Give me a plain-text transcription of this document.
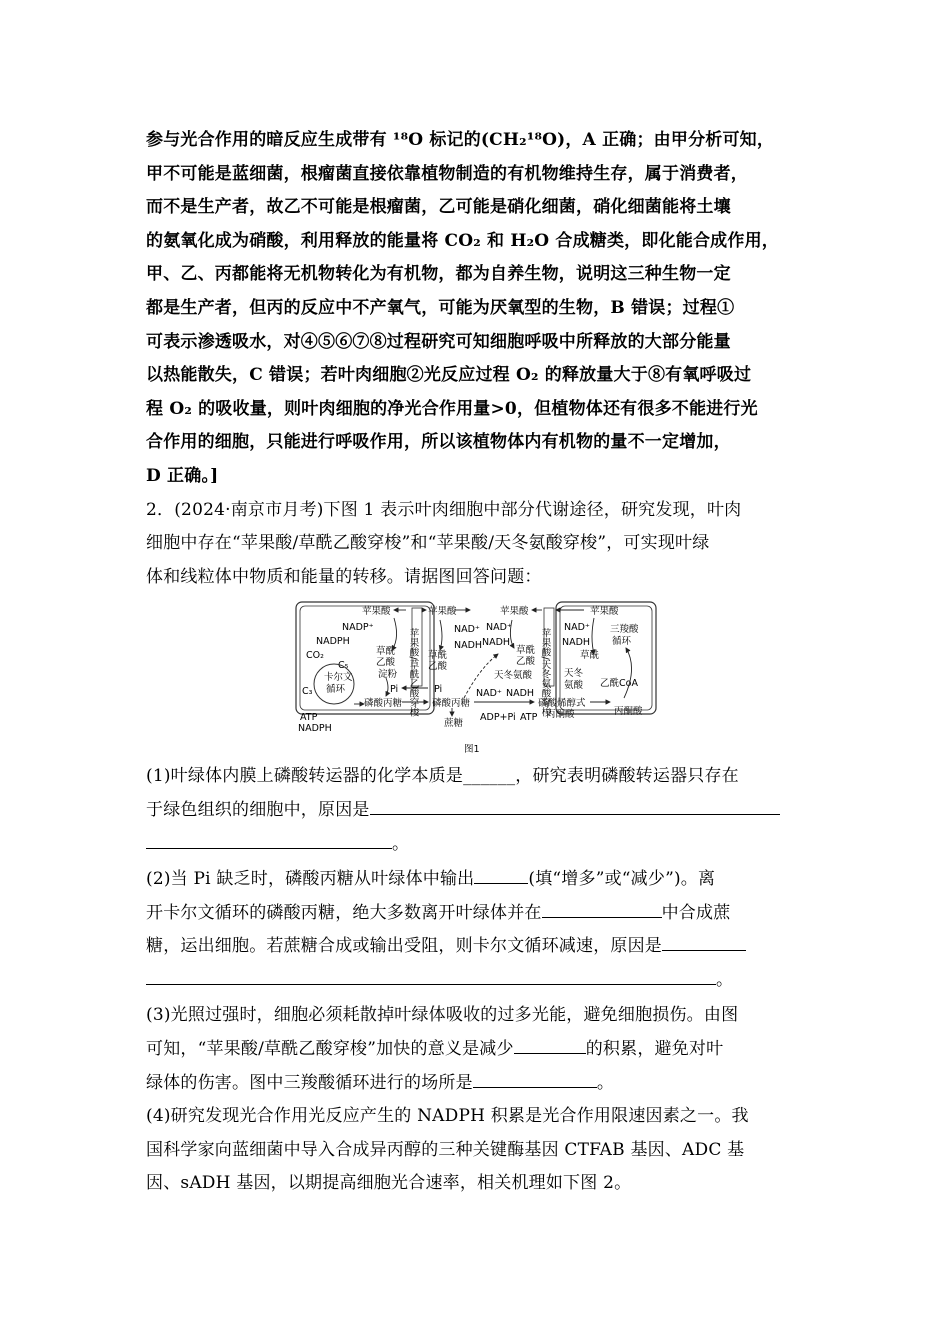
参与光合作用的暗反应生成带有 ¹⁸O 标记的(CH₂¹⁸O)，A 正确；由甲分析可知，

甲不可能是蓝细菌，根瘤菌直接依靠植物制造的有机物维持生存，属于消费者，

而不是生产者，故乙不可能是根瘤菌，乙可能是硝化细菌，硝化细菌能将土壤

的氨氧化成为硝酸，利用释放的能量将 CO₂ 和 H₂O 合成糖类，即化能合成作用，

甲、乙、丙都能将无机物转化为有机物，都为自养生物，说明这三种生物一定

都是生产者，但丙的反应中不产氧气，可能为厌氧型的生物，B 错误；过程①

可表示渗透吸水，对④⑤⑥⑦⑧过程研究可知细胞呼吸中所释放的大部分能量

以热能散失，C 错误；若叶肉细胞②光反应过程 O₂ 的释放量大于⑧有氧呼吸过

程 O₂ 的吸收量，则叶肉细胞的净光合作用量>0，但植物体还有很多不能进行光

合作用的细胞，只能进行呼吸作用，所以该植物体内有机物的量不一定增加，

D 正确。]

2．(2024·南京市月考)下图 1 表示叶肉细胞中部分代谢途径，研究发现，叶肉

细胞中存在“苹果酸/草酰乙酸穿梭”和“苹果酸/天冬氨酸穿梭”，可实现叶绿

体和线粒体中物质和能量的转移。请据图回答问题：

苹果酸/草酰乙酸穿梭	苹果酸/天冬氨酸穿梭
苹果酸
NADP⁺
NADPH
CO₂
C₅
卡尔文
循环
C₃
ATP
NADPH
草酰
乙酸
淀粉
Pi
磷酸丙糖
苹果酸
NAD⁺
NADH
草酰
乙酸
Pi
磷酸丙糖
蔗糖
NAD⁺ NADH
ADP+Pi ATP
磷酸烯醇式
丙酮酸
苹果酸
NAD⁺
NADH
草酰
乙酸
天冬氨酸
苹果酸
NAD⁺
NADH
三羧酸
循环
草酰
天冬
氨酸 乙酰CoA
丙酮酸
图1

(1)叶绿体内膜上磷酸转运器的化学本质是______，研究表明磷酸转运器只存在

于绿色组织的细胞中，原因是

。

(2)当 Pi 缺乏时，磷酸丙糖从叶绿体中输出	(填“增多”或“减少”)。离

开卡尔文循环的磷酸丙糖，绝大多数离开叶绿体并在	中合成蔗

糖，运出细胞。若蔗糖合成或输出受阻，则卡尔文循环减速，原因是

。

(3)光照过强时，细胞必须耗散掉叶绿体吸收的过多光能，避免细胞损伤。由图

可知，“苹果酸/草酰乙酸穿梭”加快的意义是减少	的积累，避免对叶

绿体的伤害。图中三羧酸循环进行的场所是	。

(4)研究发现光合作用光反应产生的 NADPH 积累是光合作用限速因素之一。我

国科学家向蓝细菌中导入合成异丙醇的三种关键酶基因 CTFAB 基因、ADC 基

因、sADH 基因，以期提高细胞光合速率，相关机理如下图 2。
